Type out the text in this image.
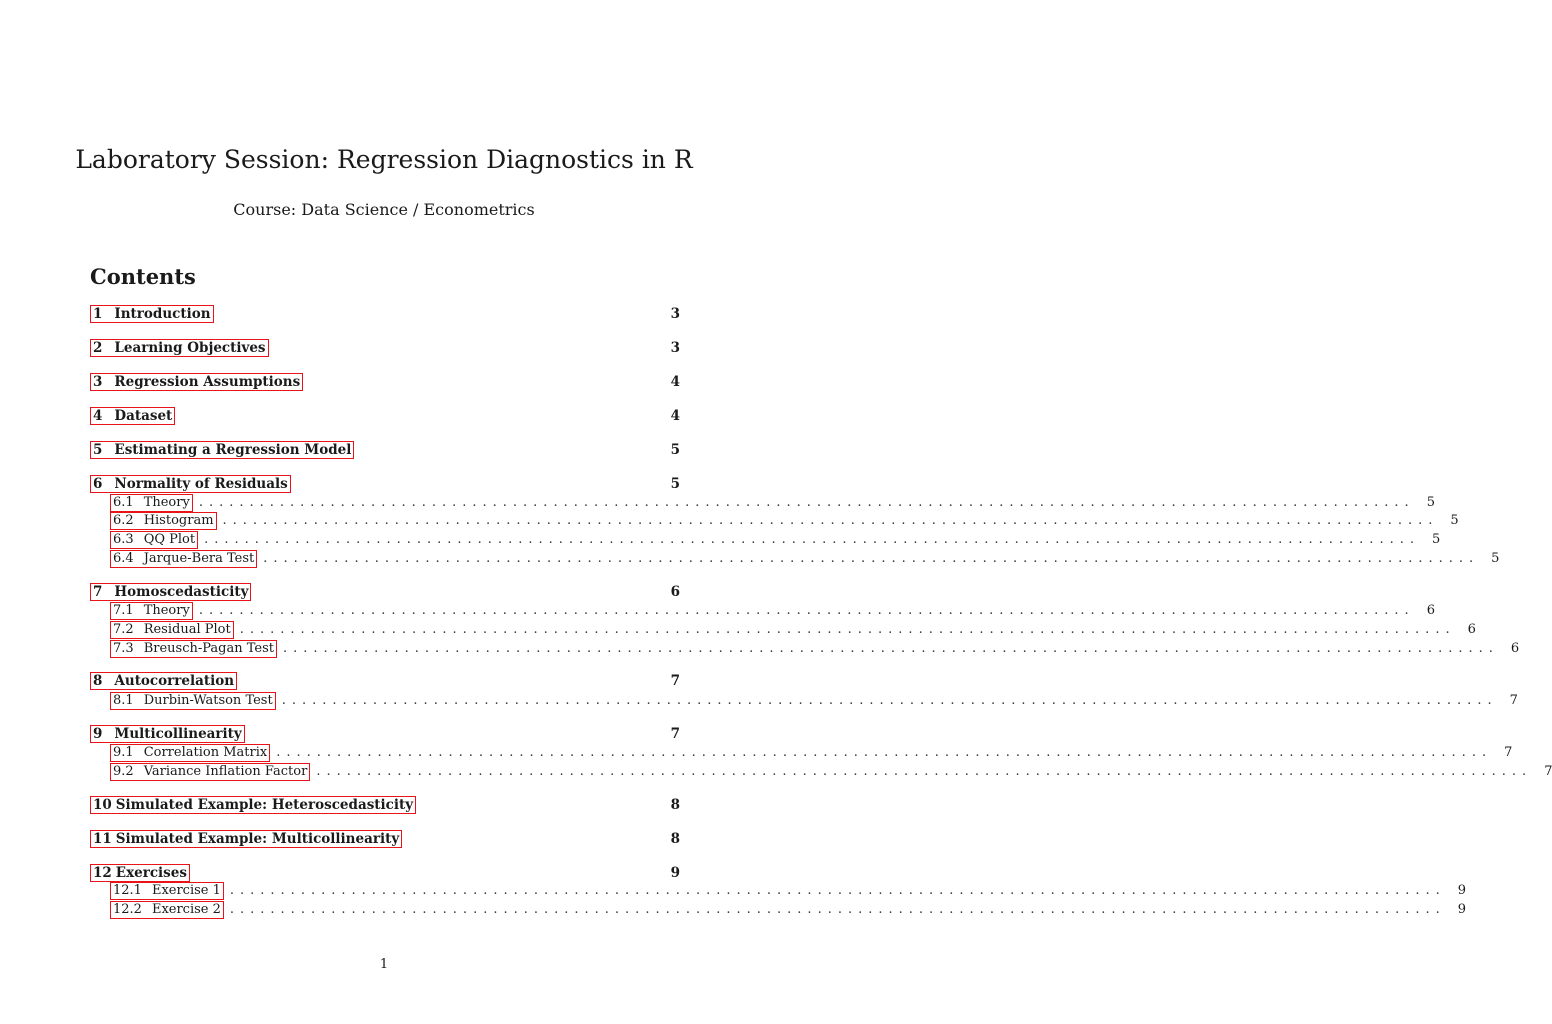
Laboratory Session: Regression Diagnostics in R
Course: Data Science / Econometrics
Contents
1 Introduction	3
2 Learning Objectives	3
3 Regression Assumptions	4
4 Dataset	4
5 Estimating a Regression Model	5
6 Normality of Residuals	5
6.1 Theory ........................................................................................................................ 5
6.2 Histogram ........................................................................................................................ 5
6.3 QQ Plot ........................................................................................................................ 5
6.4 Jarque-Bera Test ........................................................................................................................ 5
7 Homoscedasticity	6
7.1 Theory ........................................................................................................................ 6
7.2 Residual Plot ........................................................................................................................ 6
7.3 Breusch-Pagan Test ........................................................................................................................ 6
8 Autocorrelation	7
8.1 Durbin-Watson Test ........................................................................................................................ 7
9 Multicollinearity	7
9.1 Correlation Matrix ........................................................................................................................ 7
9.2 Variance Inflation Factor ........................................................................................................................ 7
10 Simulated Example: Heteroscedasticity	8
11 Simulated Example: Multicollinearity	8
12 Exercises	9
12.1 Exercise 1 ........................................................................................................................ 9
12.2 Exercise 2 ........................................................................................................................ 9
1
